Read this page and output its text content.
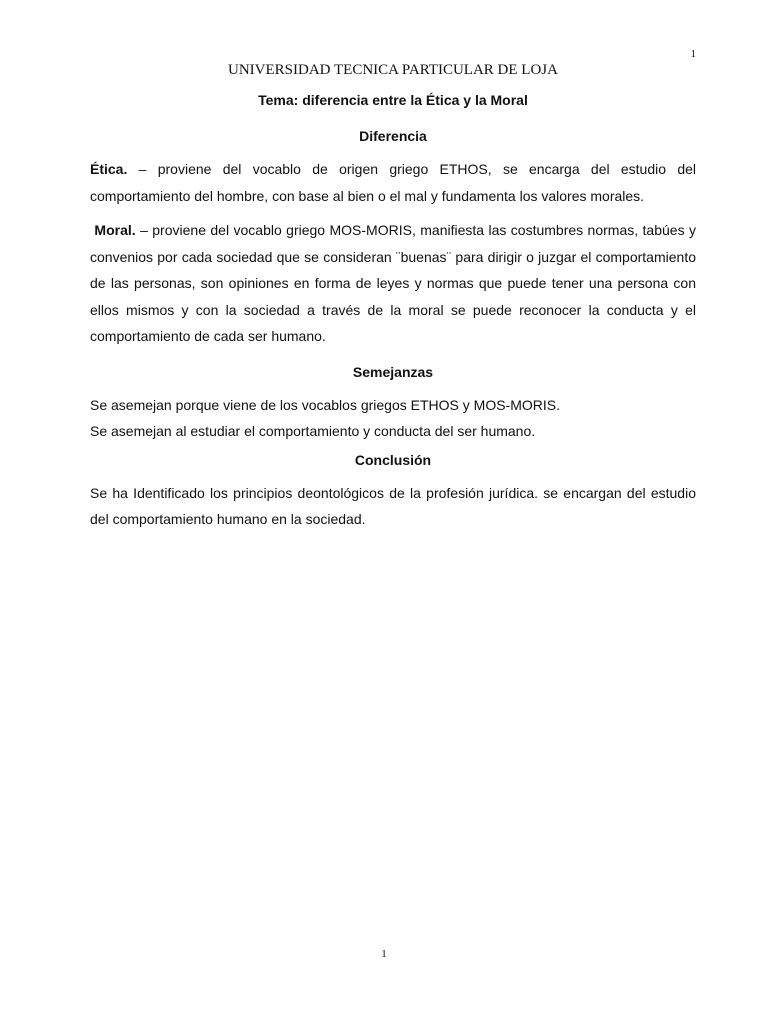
1

UNIVERSIDAD TECNICA PARTICULAR DE LOJA

Tema: diferencia entre la Ética y la Moral

Diferencia

Ética. – proviene del vocablo de origen griego ETHOS, se encarga del estudio del comportamiento del hombre, con base al bien o el mal y fundamenta los valores morales.

Moral. – proviene del vocablo griego MOS-MORIS, manifiesta las costumbres normas, tabúes y convenios por cada sociedad que se consideran ¨buenas¨ para dirigir o juzgar el comportamiento de las personas, son opiniones en forma de leyes y normas que puede tener una persona con ellos mismos y con la sociedad a través de la moral se puede reconocer la conducta y el comportamiento de cada ser humano.

Semejanzas

Se asemejan porque viene de los vocablos griegos ETHOS y MOS-MORIS.

Se asemejan al estudiar el comportamiento y conducta del ser humano.

Conclusión

Se ha Identificado los principios deontológicos de la profesión jurídica. se encargan del estudio del comportamiento humano en la sociedad.

1
